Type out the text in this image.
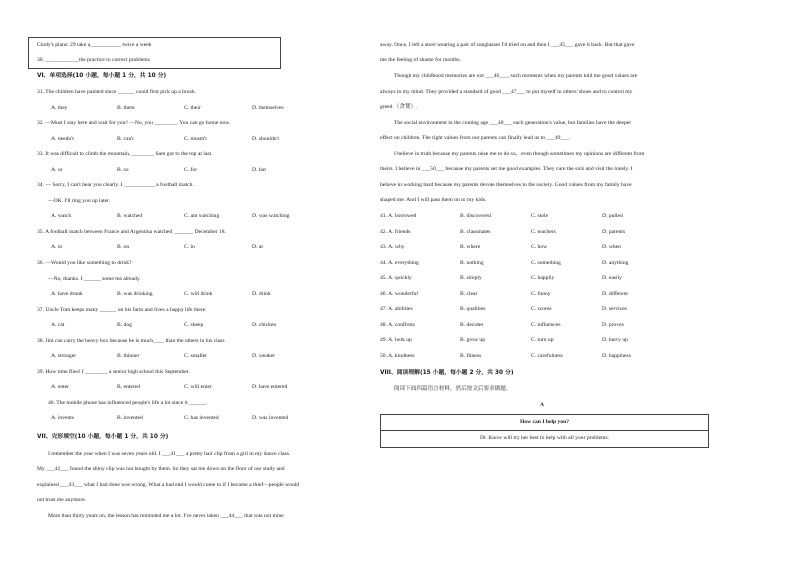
Cindy's plans: 29 take a___________ twice a week
30. ____________the practice to correct problems
VI、单项选择(10 小题，每小题 1 分，共 10 分)
31. The children have painted since ______ could first pick up a brush.
A. they	B. them	C. their	D. themselves
32. —Must I stay here and wait for you? —No, you ________. You can go home now.
A. needn't	B. can't	C. mustn't	D. shouldn't
33. It was difficult to climb the mountain, ________ Sam got to the top at last.
A. or	B. so	C. for	D. but
34. — Sorry, I can't hear you clearly. I ___________ a football match.
—OK. I'll ring you up later.
A. watch	B. watched	C. am watching	D. was watching
35. A football match between France and Argentina watched _______ December 18.
A. to	B. on	C. in	D. at
36. —Would you like something to drink?
—No, thanks. I ______ some tea already.
A. have drunk	B. was drinking	C. will drink	D. drink
37. Uncle Tom keeps many ______ on his farm and lives a happy life there.
A. cat	B. dog	C. sheep	D. chicken
38. Jim can carry the heavy box because he is much____ than the others in his class
A. stronger	B. thinner	C. smaller	D. weaker
39. How time flies! I ________ a senior high school this September.
A. enter	B. entered	C. will enter	D. have entered
40. The mobile phone has influenced people's life a lot since it ______.
A. invents	B. invented	C. has invented	D. was invented
VII、完形填空(10 小题，每小题 1 分，共 10 分)
I remember the year when I was seven years old. I ___41___ a pretty hair clip from a girl in my dance class.
My ___42___ found the shiny clip was not bought by them. So they sat me down on the floor of our study and
explained ___43___ what I had done was wrong. What a bad end I would come to if I became a thief—people would
not trust me anymore.
More than thirty years on, the lesson has reminded me a lot. I've never taken ___44___ that was not mine
away. Once, I left a store wearing a pair of sunglasses I'd tried on and then I ___45___ gave it back. But that gave
me the feeling of shame for months.
Though my childhood memories are not ___46___, such moments when my parents told me good values are
always in my mind. They provided a standard of good ___47___ to put myself in others' shoes and to control my
greed （贪婪）.
The social environment in the coming age ___48___ each generation's value, but families have the deeper
effect on children. The right values from our parents can finally lead us to ___49___.
I believe in truth because my parents raise me to do so，even though sometimes my opinions are different from
theirs. I believe in ___50___ because my parents set me good examples. They cure the sick and visit the lonely. I
believe in working hard because my parents devote themselves to the society. Good values from my family have
shaped me. And I will pass them on to my kids.
41. A. borrowed	B. discovered	C. stole	D. pulled
42. A. friends	B. classmates	C. teachers	D. parents
43. A. why	B. where	C. how	D. when
44. A. everything	B. nothing	C. something	D. anything
45. A. quickly	B. simply	C. happily	D. easily
46. A. wonderful	B. clear	C. funny	D. different
47. A. abilities	B. qualities	C. scores	D. services
48. A. confirms	B. decides	C. influences	D. proves
49. A. look up	B. grow up	C. turn up	D. hurry up
50. A. kindness	B. fitness	C. carefulness	D. happiness
VIII、阅读理解(15 小题，每小题 2 分，共 30 分)
阅读下面四篇语言材料，然后按文后要求做题。
A
How can I help you?
Dr. Know will try her best to help with all your problems.
